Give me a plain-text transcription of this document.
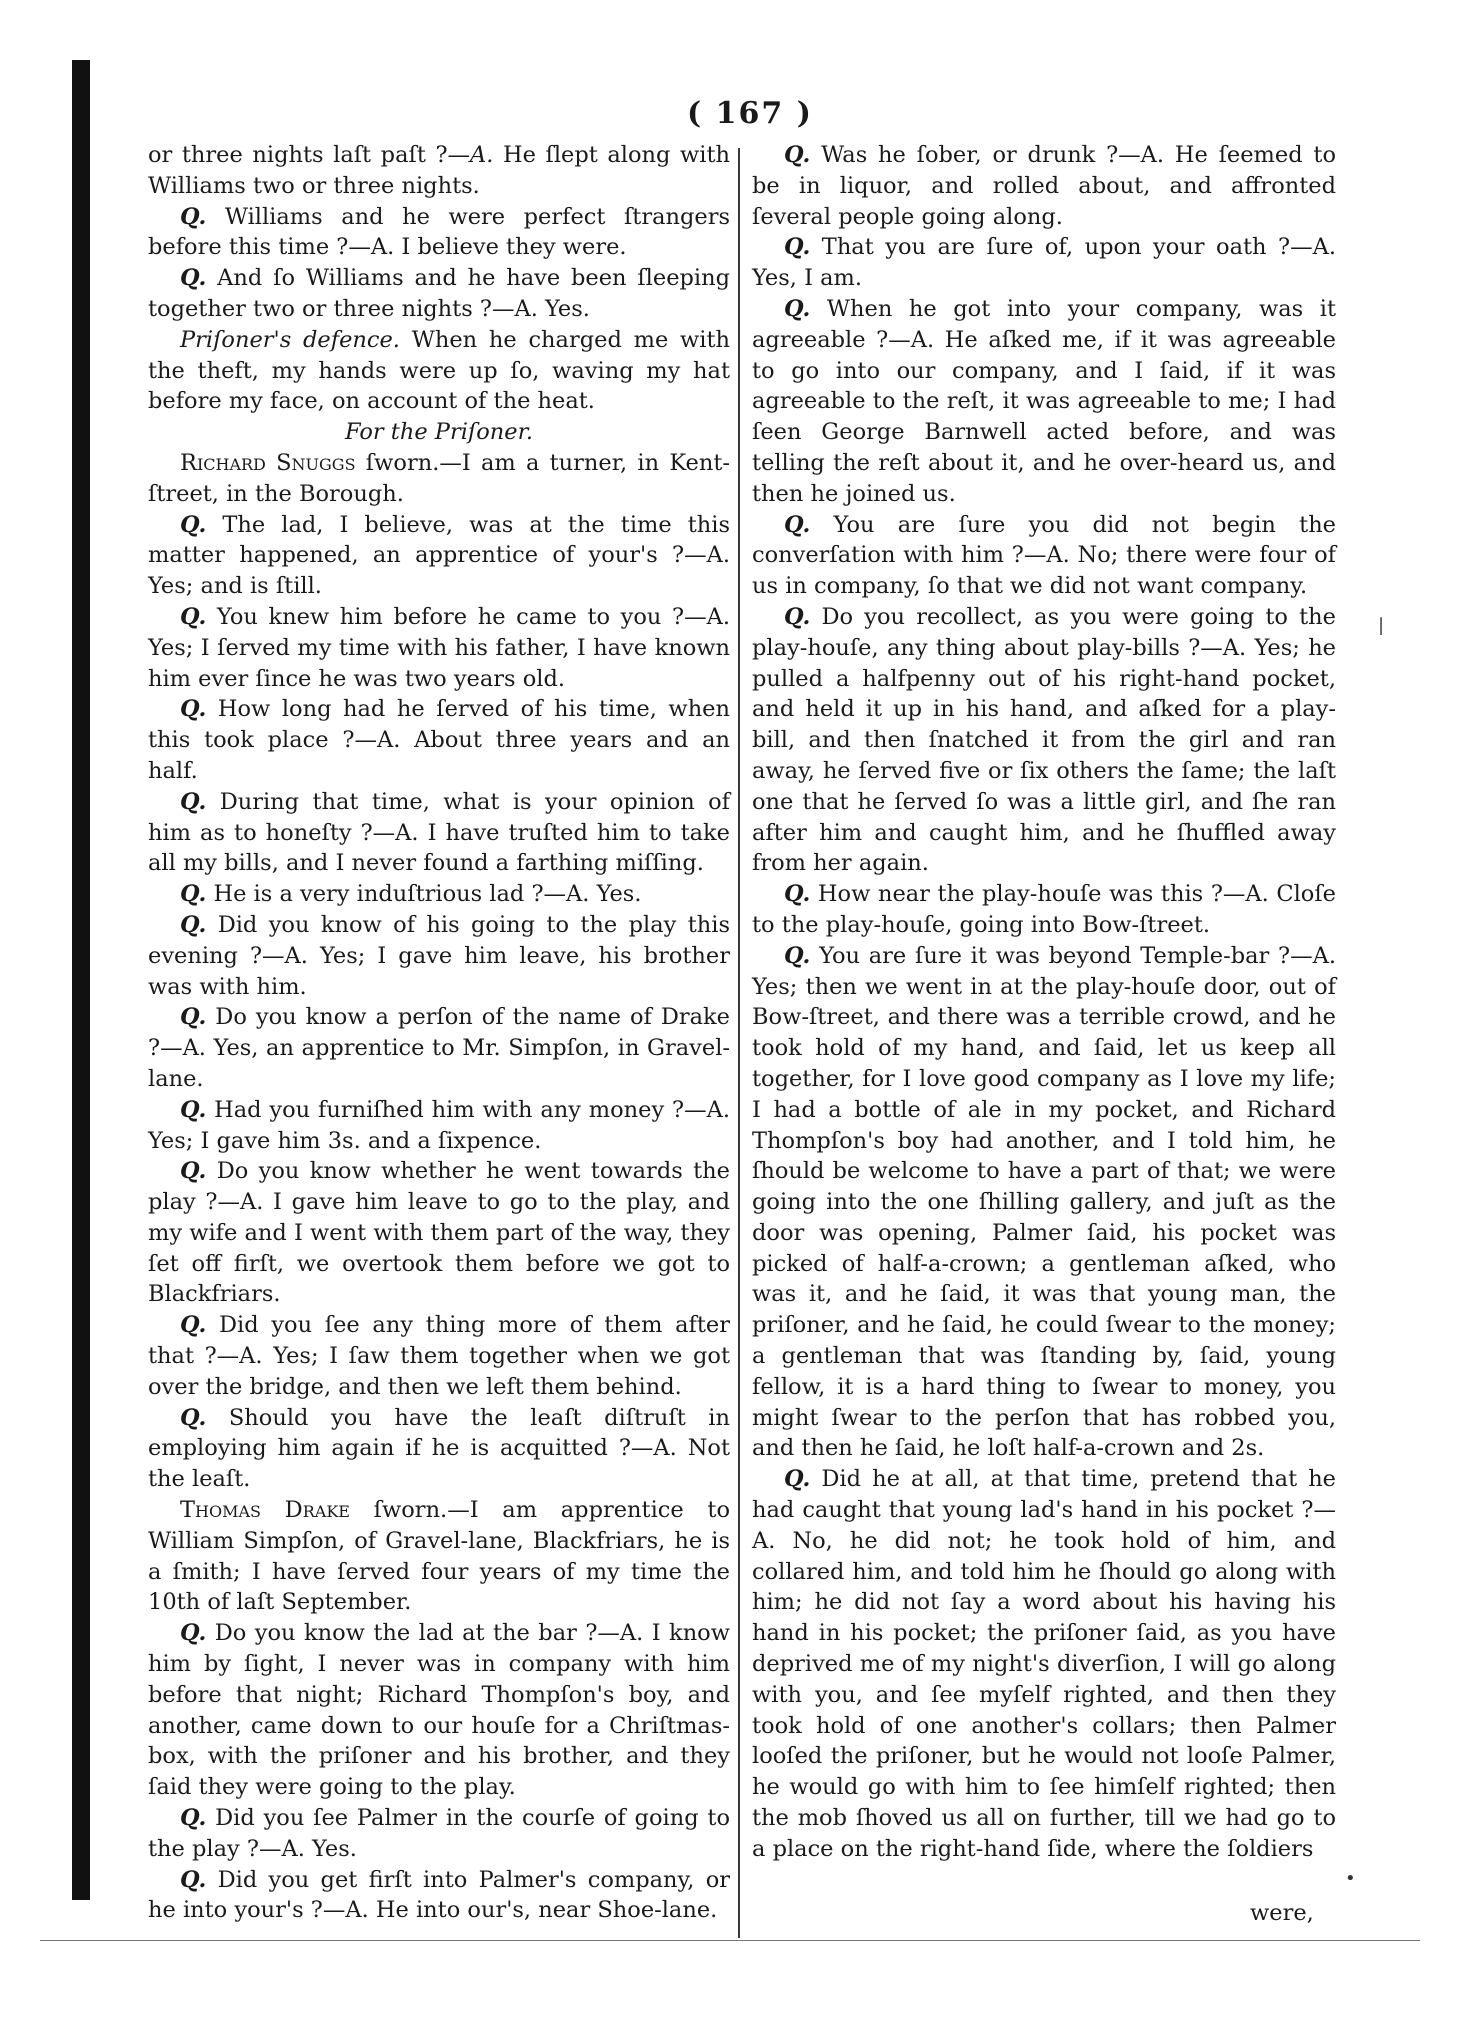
( 167 )

or three nights laſt paſt ?—A. He ſlept along with Williams two or three nights.

Q. Williams and he were perfect ſtrangers before this time ?—A. I believe they were.

Q. And ſo Williams and he have been ſleeping together two or three nights ?—A. Yes.

Priſoner's defence. When he charged me with the theft, my hands were up ſo, waving my hat before my face, on account of the heat.

For the Priſoner.

Richard Snuggs ſworn.—I am a turner, in Kent-ſtreet, in the Borough.

Q. The lad, I believe, was at the time this matter happened, an apprentice of your's ?—A. Yes; and is ſtill.

Q. You knew him before he came to you ?—A. Yes; I ſerved my time with his father, I have known him ever ſince he was two years old.

Q. How long had he ſerved of his time, when this took place ?—A. About three years and an half.

Q. During that time, what is your opinion of him as to honeſty ?—A. I have truſted him to take all my bills, and I never found a farthing miſſing.

Q. He is a very induſtrious lad ?—A. Yes.

Q. Did you know of his going to the play this evening ?—A. Yes; I gave him leave, his brother was with him.

Q. Do you know a perſon of the name of Drake ?—A. Yes, an apprentice to Mr. Simpſon, in Gravel-lane.

Q. Had you furniſhed him with any money ?—A. Yes; I gave him 3s. and a ſixpence.

Q. Do you know whether he went towards the play ?—A. I gave him leave to go to the play, and my wife and I went with them part of the way, they ſet off firſt, we overtook them before we got to Blackfriars.

Q. Did you ſee any thing more of them after that ?—A. Yes; I ſaw them together when we got over the bridge, and then we left them behind.

Q. Should you have the leaſt diſtruſt in employing him again if he is acquitted ?—A. Not the leaſt.

Thomas Drake ſworn.—I am apprentice to William Simpſon, of Gravel-lane, Blackfriars, he is a ſmith; I have ſerved four years of my time the 10th of laſt September.

Q. Do you know the lad at the bar ?—A. I know him by ſight, I never was in company with him before that night; Richard Thompſon's boy, and another, came down to our houſe for a Chriſtmas-box, with the priſoner and his brother, and they ſaid they were going to the play.

Q. Did you ſee Palmer in the courſe of going to the play ?—A. Yes.

Q. Did you get firſt into Palmer's company, or he into your's ?—A. He into our's, near Shoe-lane.

Q. Was he ſober, or drunk ?—A. He ſeemed to be in liquor, and rolled about, and affronted ſeveral people going along.

Q. That you are ſure of, upon your oath ?—A. Yes, I am.

Q. When he got into your company, was it agreeable ?—A. He aſked me, if it was agreeable to go into our company, and I ſaid, if it was agreeable to the reſt, it was agreeable to me; I had ſeen George Barnwell acted before, and was telling the reſt about it, and he over-heard us, and then he joined us.

Q. You are ſure you did not begin the converſation with him ?—A. No; there were four of us in company, ſo that we did not want company.

Q. Do you recollect, as you were going to the play-houſe, any thing about play-bills ?—A. Yes; he pulled a halfpenny out of his right-hand pocket, and held it up in his hand, and aſked for a play-bill, and then ſnatched it from the girl and ran away, he ſerved five or ſix others the ſame; the laſt one that he ſerved ſo was a little girl, and ſhe ran after him and caught him, and he ſhuffled away from her again.

Q. How near the play-houſe was this ?—A. Cloſe to the play-houſe, going into Bow-ſtreet.

Q. You are ſure it was beyond Temple-bar ?—A. Yes; then we went in at the play-houſe door, out of Bow-ſtreet, and there was a terrible crowd, and he took hold of my hand, and ſaid, let us keep all together, for I love good company as I love my life; I had a bottle of ale in my pocket, and Richard Thompſon's boy had another, and I told him, he ſhould be welcome to have a part of that; we were going into the one ſhilling gallery, and juſt as the door was opening, Palmer ſaid, his pocket was picked of half-a-crown; a gentleman aſked, who was it, and he ſaid, it was that young man, the priſoner, and he ſaid, he could ſwear to the money; a gentleman that was ſtanding by, ſaid, young fellow, it is a hard thing to ſwear to money, you might ſwear to the perſon that has robbed you, and then he ſaid, he loſt half-a-crown and 2s.

Q. Did he at all, at that time, pretend that he had caught that young lad's hand in his pocket ?—A. No, he did not; he took hold of him, and collared him, and told him he ſhould go along with him; he did not ſay a word about his having his hand in his pocket; the priſoner ſaid, as you have deprived me of my night's diverſion, I will go along with you, and ſee myſelf righted, and then they took hold of one another's collars; then Palmer looſed the priſoner, but he would not looſe Palmer, he would go with him to ſee himſelf righted; then the mob ſhoved us all on further, till we had go to a place on the right-hand ſide, where the ſoldiers

were,
|
•
